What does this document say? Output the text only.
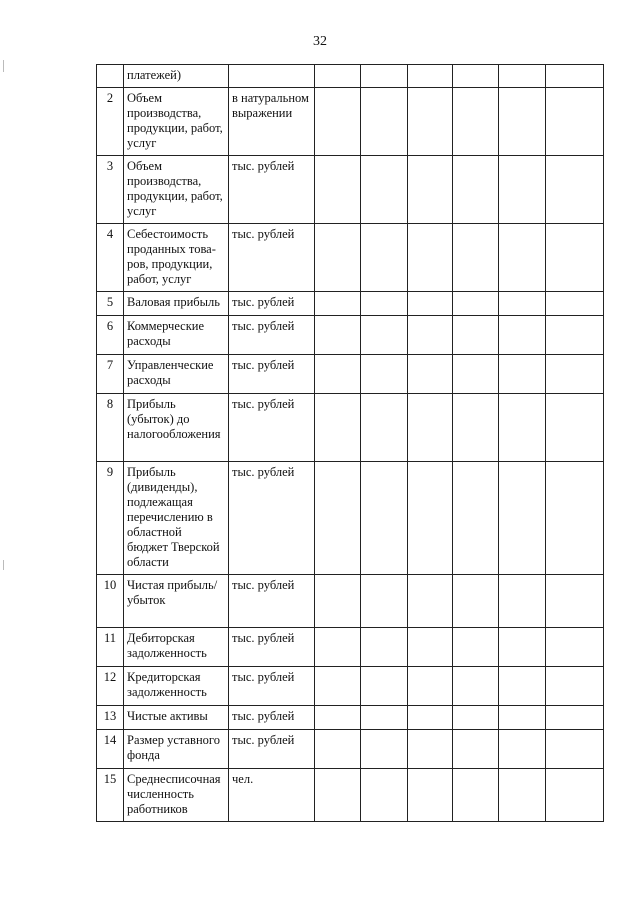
32
	платежей)							
2	Объем производства, продукции, работ, услуг	в натуральном выражении						
3	Объем производства, продукции, работ, услуг	тыс. рублей						
4	Себестоимость проданных това-ров, продукции, работ, услуг	тыс. рублей						
5	Валовая прибыль	тыс. рублей						
6	Коммерческие расходы	тыс. рублей						
7	Управленческие расходы	тыс. рублей						
8	Прибыль (убыток) до налогообложения	тыс. рублей						
9	Прибыль (дивиденды), подлежащая перечислению в областной бюджет Тверской области	тыс. рублей						
10	Чистая прибыль/ убыток	тыс. рублей						
11	Дебиторская задолженность	тыс. рублей						
12	Кредиторская задолженность	тыс. рублей						
13	Чистые активы	тыс. рублей						
14	Размер уставного фонда	тыс. рублей						
15	Среднесписочная численность работников	чел.						
